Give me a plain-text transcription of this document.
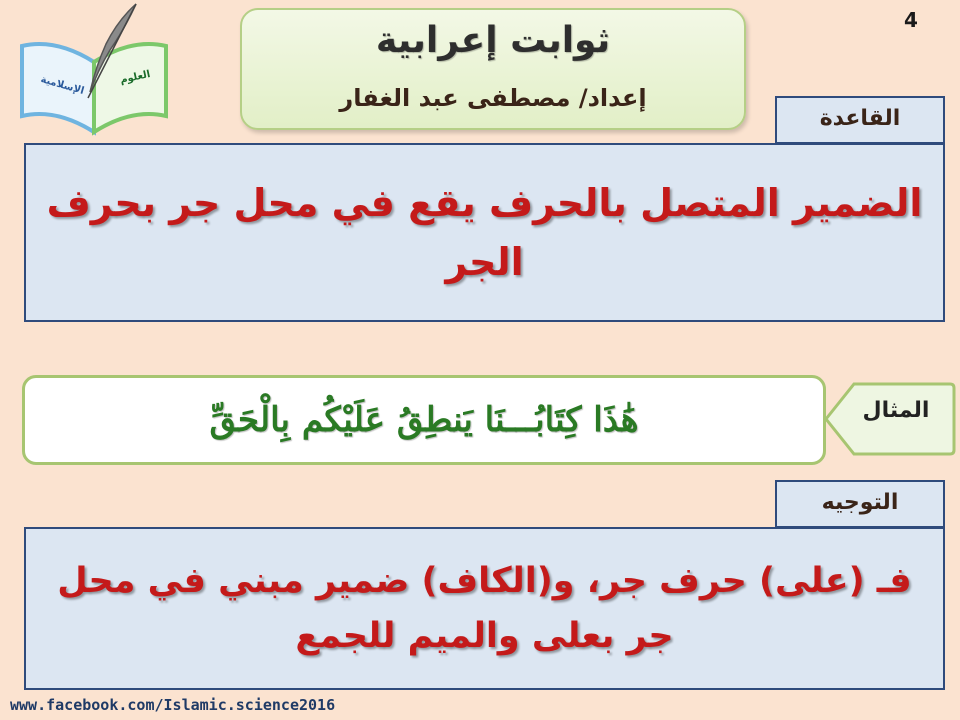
العلوم
الإسلامية
ثوابت إعرابية
إعداد/ مصطفى عبد الغفار
4
القاعدة
الضمير المتصل بالحرف يقع في محل جر بحرف الجر
هَٰذَا كِتَابُـــنَا يَنطِقُ عَلَيْكُم بِالْحَقِّ	المثال
التوجيه
فـ (على) حرف جر، و(الكاف) ضمير مبني في محل جر بعلى والميم للجمع
www.facebook.com/Islamic.science2016
